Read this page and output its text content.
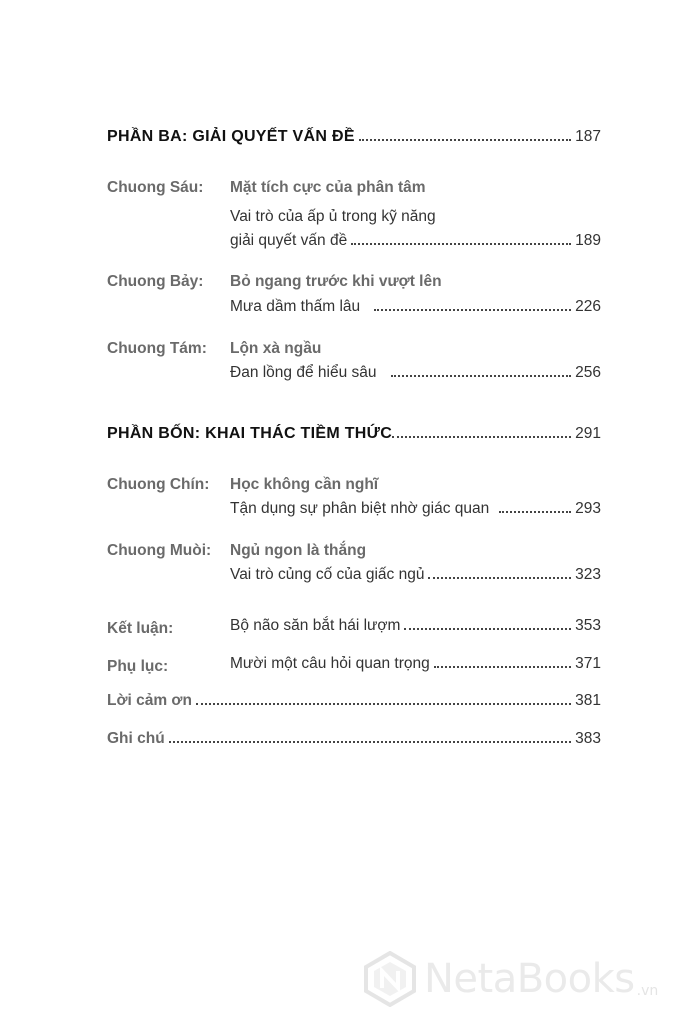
PHẦN BA: GIẢI QUYẾT VẤN ĐỀ	187
Chuong Sáu: Mặt tích cực của phân tâm
Vai trò của ấp ủ trong kỹ năng
giải quyết vấn đề	189
Chuong Bảy: Bỏ ngang trước khi vượt lên
Mưa dầm thấm lâu	226
Chuong Tám: Lộn xà ngầu
Đan lồng để hiểu sâu	256
PHẦN BỐN: KHAI THÁC TIỀM THỨC	291
Chuong Chín: Học không cần nghĩ
Tận dụng sự phân biệt nhờ giác quan	293
Chuong Muòi: Ngủ ngon là thắng
Vai trò củng cố của giấc ngủ	323
Kết luận:	Bộ não săn bắt hái lượm	353
Phụ lục:	Mười một câu hỏi quan trọng	371
Lời cảm ơn	381
Ghi chú	383
NetaBooks .vn
